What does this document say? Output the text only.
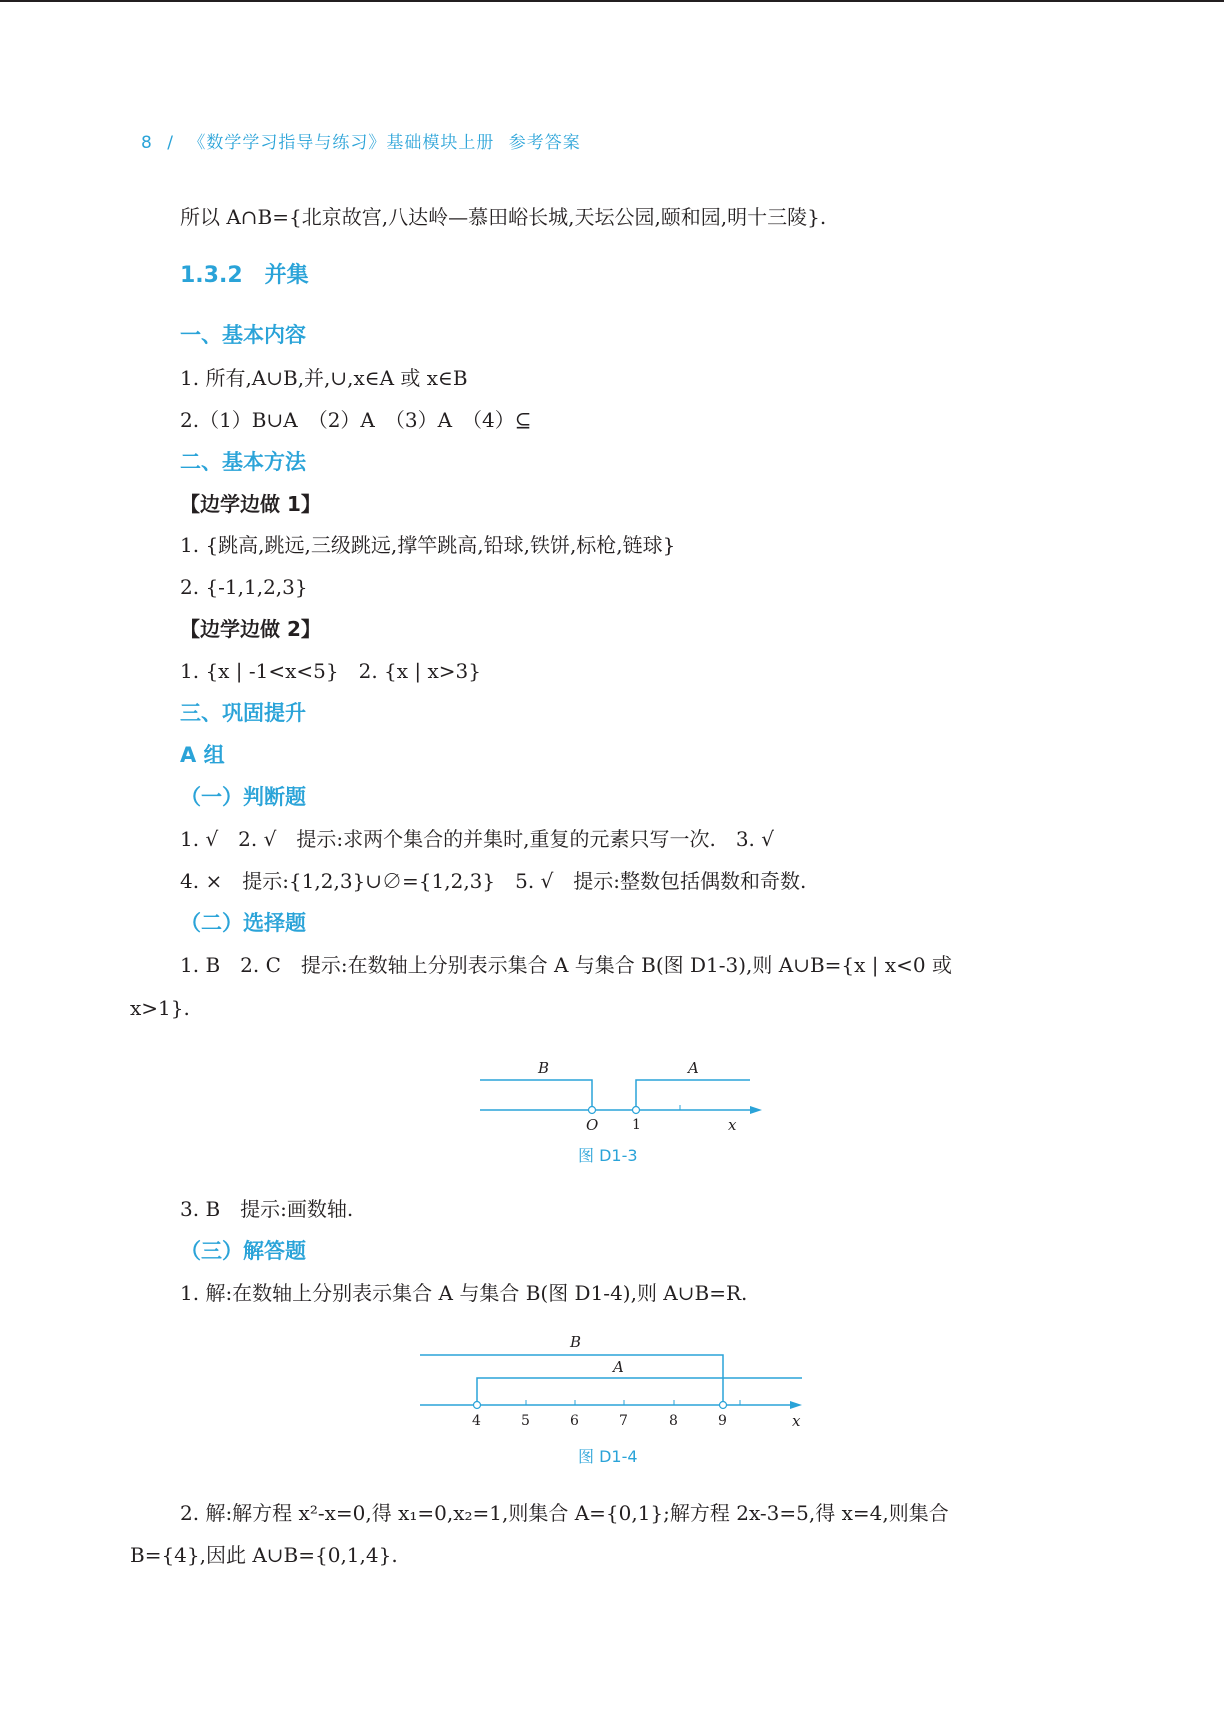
8 / 《数学学习指导与练习》基础模块上册 参考答案
所以 A∩B={北京故宫,八达岭—慕田峪长城,天坛公园,颐和园,明十三陵}.
1.3.2　并集
一、基本内容
1. 所有,A∪B,并,∪,x∈A 或 x∈B
2.（1）B∪A　（2）A　（3）A　（4）⊆
二、基本方法
【边学边做 1】
1. {跳高,跳远,三级跳远,撑竿跳高,铅球,铁饼,标枪,链球}
2. {-1,1,2,3}
【边学边做 2】
1. {x | -1<x<5}　2. {x | x>3}
三、巩固提升
A 组
（一）判断题
1. √　2. √　提示:求两个集合的并集时,重复的元素只写一次.　3. √
4. ×　提示:{1,2,3}∪∅={1,2,3}　5. √　提示:整数包括偶数和奇数.
（二）选择题
1. B　2. C　提示:在数轴上分别表示集合 A 与集合 B(图 D1-3),则 A∪B={x | x<0 或
x>1}.
B	A
O 1	x
图 D1-3
3. B　提示:画数轴.
（三）解答题
1. 解:在数轴上分别表示集合 A 与集合 B(图 D1-4),则 A∪B=R.
B
A
4	5	6	7	8	9	x
图 D1-4
2. 解:解方程 x²-x=0,得 x₁=0,x₂=1,则集合 A={0,1};解方程 2x-3=5,得 x=4,则集合
B={4},因此 A∪B={0,1,4}.
